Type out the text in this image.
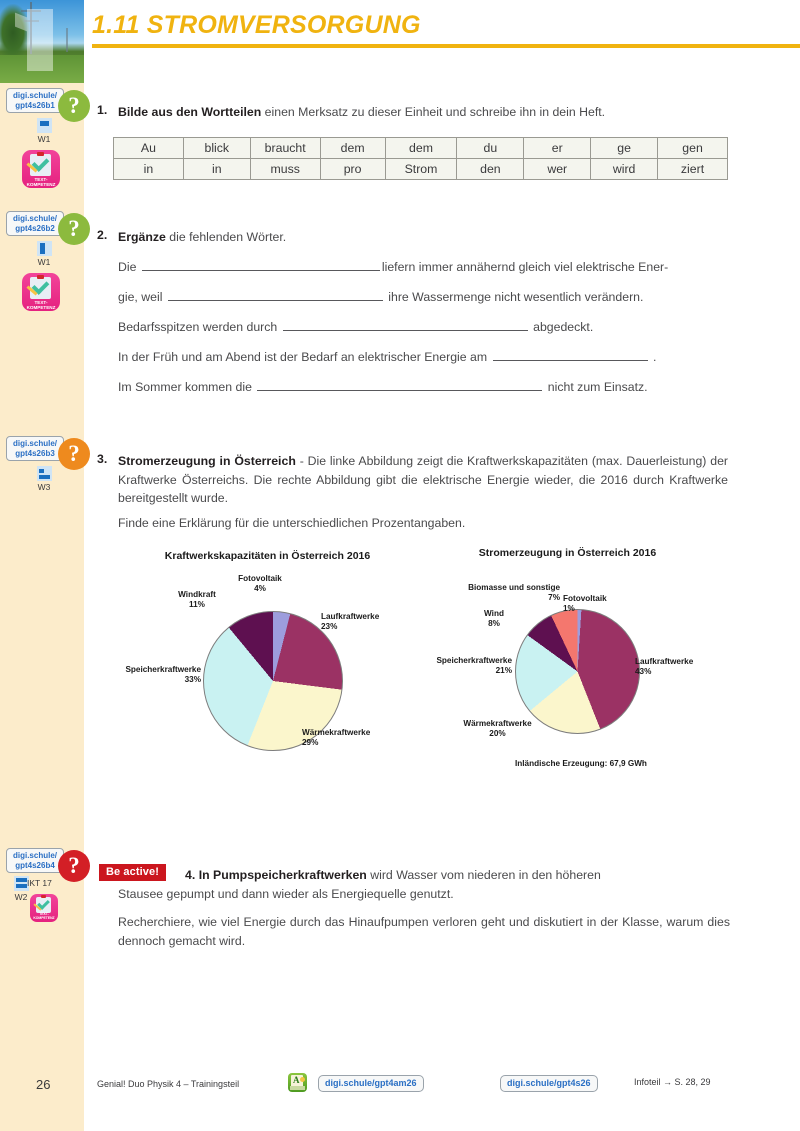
1.11 STROMVERSORGUNG
digi.schule/
gpt4s26b1 ?
W1
TEXT-
KOMPETENZ
digi.schule/
gpt4s26b2 ?
W1
TEXT-
KOMPETENZ
digi.schule/
gpt4s26b3 ?
W3
digi.schule/
gpt4s26b4 ?
W2
IKT 17
TEXT-
KOMPETENZ
1. Bilde aus den Wortteilen einen Merksatz zu dieser Einheit und schreibe ihn in dein Heft.
Au	blick	braucht	dem	dem	du	er	ge	gen
in	in	muss	pro	Strom	den	wer	wird	ziert
2. Ergänze die fehlenden Wörter.
Die	liefern immer annähernd gleich viel elektrische Ener-
gie, weil	ihre Wassermenge nicht wesentlich verändern.
Bedarfsspitzen werden durch	abgedeckt.
In der Früh und am Abend ist der Bedarf an elektrischer Energie am	.
Im Sommer kommen die	nicht zum Einsatz.
3. Stromerzeugung in Österreich - Die linke Abbildung zeigt die Kraftwerkskapazitäten (max. Dauerleistung) der Kraftwerke Österreichs. Die rechte Abbildung gibt die elektrische Energie wieder, die 2016 durch Kraftwerke bereitgestellt wurde.
Finde eine Erklärung für die unterschiedlichen Prozentangaben.
Kraftwerkskapazitäten in Österreich 2016
Fotovoltaik
4%
Windkraft
11%
Laufkraftwerke
23%
Speicherkraftwerke
33%
Wärmekraftwerke
29%
Stromerzeugung in Österreich 2016
Biomasse und sonstige
7% Fotovoltaik
1%
Wind
8%
Speicherkraftwerke
21%
Laufkraftwerke
43%
Wärmekraftwerke
20%
Inländische Erzeugung: 67,9 GWh
Be active!	4. In Pumpspeicherkraftwerken wird Wasser vom niederen in den höheren
Stausee gepumpt und dann wieder als Energiequelle genutzt.
Recherchiere, wie viel Energie durch das Hinaufpumpen verloren geht und diskutiert in der Klasse, warum dies dennoch gemacht wird.
26	Genial! Duo Physik 4 – Trainingsteil	A	digi.schule/gpt4am26	digi.schule/gpt4s26	Infoteil → S. 28, 29
